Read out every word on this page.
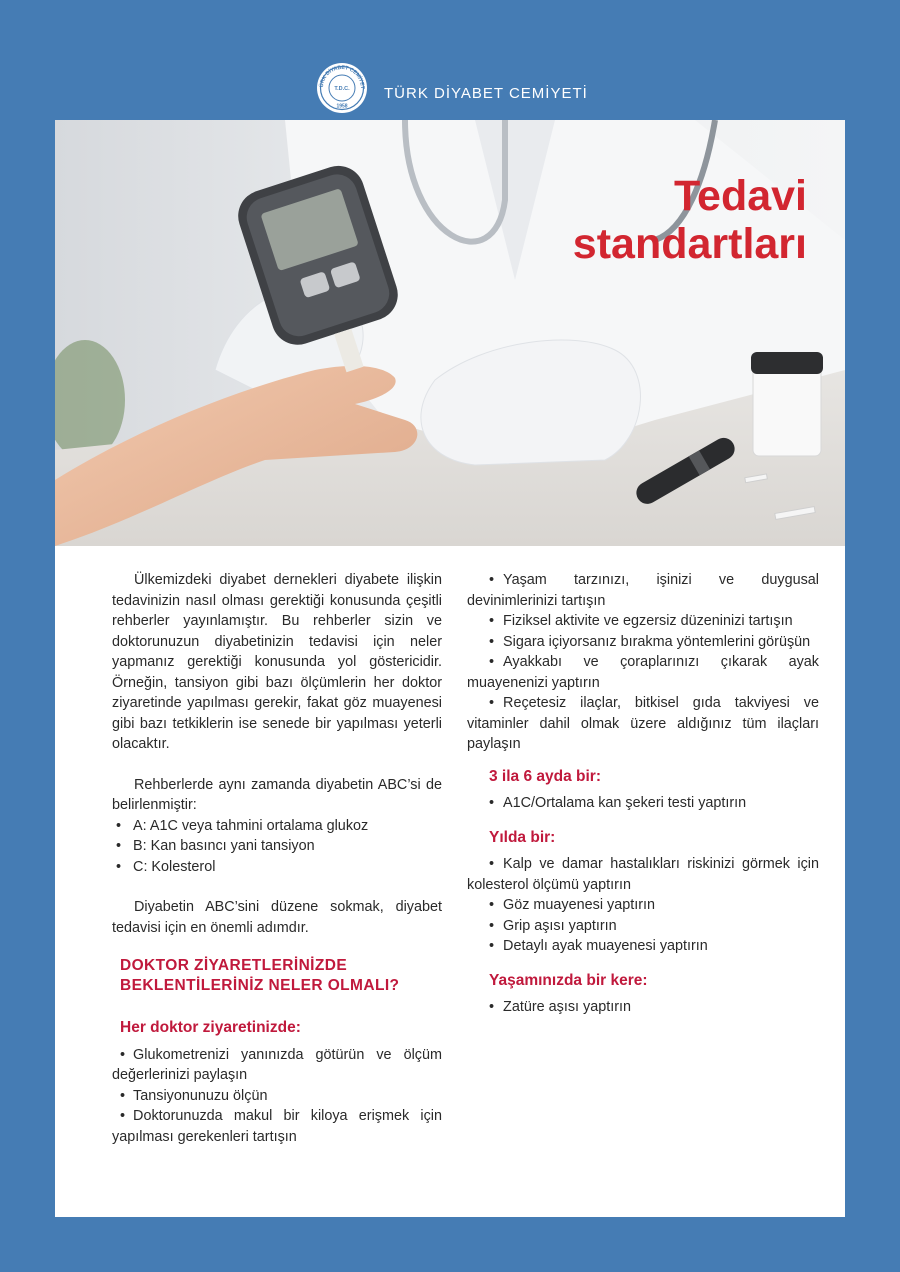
ÜRK DİYABET CEMİYET
T.D.C.
1958
TÜRK DİYABET CEMİYETİ
Tedavi
standartları

Ülkemizdeki diyabet dernekleri diyabete ilişkin tedavinizin nasıl olması gerektiği konusunda çeşitli rehberler yayınlamıştır. Bu rehberler sizin ve doktorunuzun diyabetinizin tedavisi için neler yapmanız gerektiği konusunda yol göstericidir. Örneğin, tansiyon gibi bazı ölçümlerin her doktor ziyaretinde yapılması gerekir, fakat göz muayenesi gibi bazı tetkiklerin ise senede bir yapılması yeterli olacaktır.

Rehberlerde aynı zamanda diyabetin ABC’si de belirlenmiştir:

• A: A1C veya tahmini ortalama glukoz
• B: Kan basıncı yani tansiyon
• C: Kolesterol

Diyabetin ABC’sini düzene sokmak, diyabet tedavisi için en önemli adımdır.

DOKTOR ZİYARETLERİNİZDE
BEKLENTİLERİNİZ NELER OLMALI?
Her doktor ziyaretinizde:
• Glukometrenizi yanınızda götürün ve ölçüm değerlerinizi paylaşın
• Tansiyonunuzu ölçün
• Doktorunuzda makul bir kiloya erişmek için yapılması gerekenleri tartışın
• Yaşam tarzınızı, işinizi ve duygusal devinimlerinizi tartışın
• Fiziksel aktivite ve egzersiz düzeninizi tartışın
• Sigara içiyorsanız bırakma yöntemlerini görüşün
• Ayakkabı ve çoraplarınızı çıkarak ayak muayenenizi yaptırın
• Reçetesiz ilaçlar, bitkisel gıda takviyesi ve vitaminler dahil olmak üzere aldığınız tüm ilaçları paylaşın
3 ila 6 ayda bir:
• A1C/Ortalama kan şekeri testi yaptırın
Yılda bir:
• Kalp ve damar hastalıkları riskinizi görmek için kolesterol ölçümü yaptırın
• Göz muayenesi yaptırın
• Grip aşısı yaptırın
• Detaylı ayak muayenesi yaptırın
Yaşamınızda bir kere:
• Zatüre aşısı yaptırın
